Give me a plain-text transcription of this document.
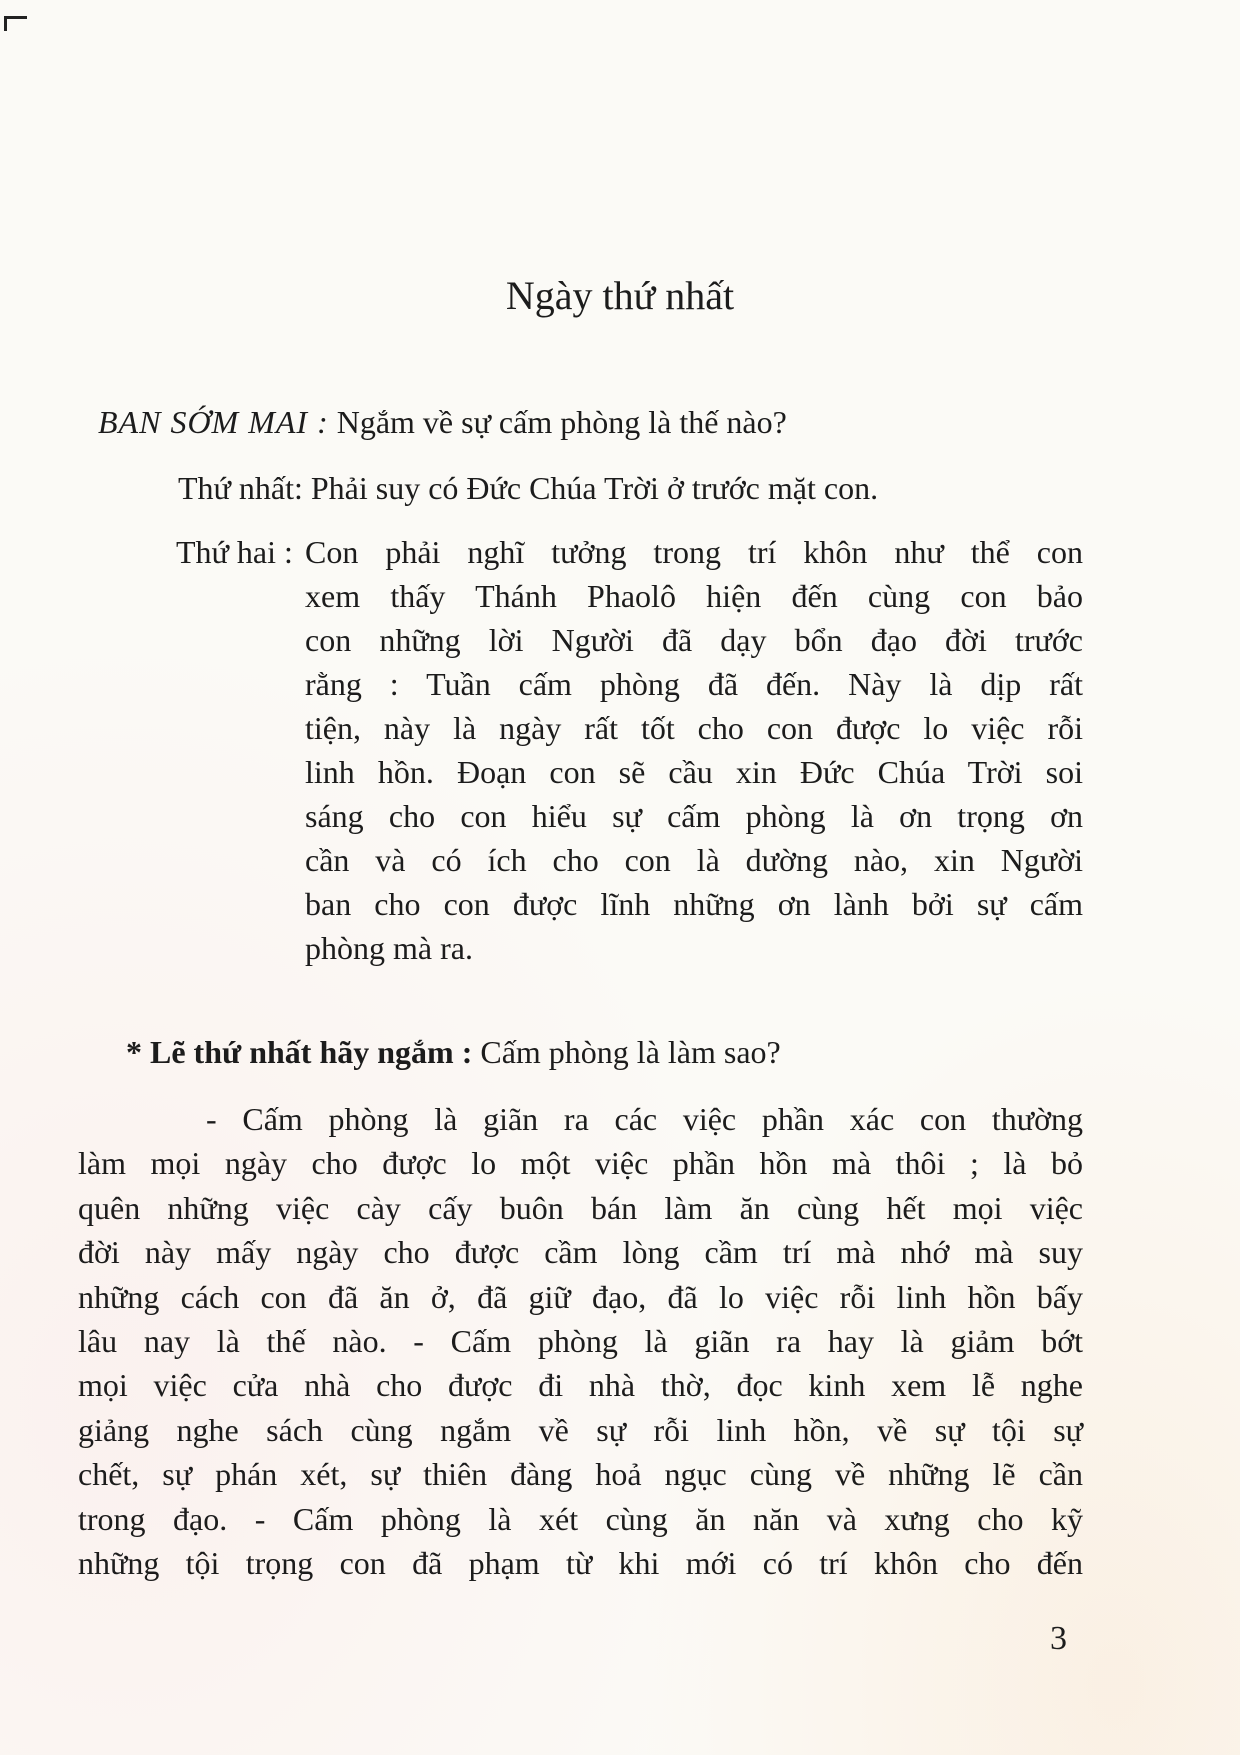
Ngày thứ nhất
BAN SỚM MAI : Ngắm về sự cấm phòng là thế nào?
Thứ nhất: Phải suy có Đức Chúa Trời ở trước mặt con.
Thứ hai : Con phải nghĩ tưởng trong trí khôn như thể con
xem thấy Thánh Phaolô hiện đến cùng con bảo
con những lời Người đã dạy bổn đạo đời trước
rằng : Tuần cấm phòng đã đến. Này là dịp rất
tiện, này là ngày rất tốt cho con được lo việc rỗi
linh hồn. Đoạn con sẽ cầu xin Đức Chúa Trời soi
sáng cho con hiểu sự cấm phòng là ơn trọng ơn
cần và có ích cho con là dường nào, xin Người
ban cho con được lĩnh những ơn lành bởi sự cấm
phòng mà ra.
* Lẽ thứ nhất hãy ngắm : Cấm phòng là làm sao?
- Cấm phòng là giãn ra các việc phần xác con thường
làm mọi ngày cho được lo một việc phần hồn mà thôi ; là bỏ
quên những việc cày cấy buôn bán làm ăn cùng hết mọi việc
đời này mấy ngày cho được cầm lòng cầm trí mà nhớ mà suy
những cách con đã ăn ở, đã giữ đạo, đã lo việc rỗi linh hồn bấy
lâu nay là thế nào. - Cấm phòng là giãn ra hay là giảm bớt
mọi việc cửa nhà cho được đi nhà thờ, đọc kinh xem lễ nghe
giảng nghe sách cùng ngắm về sự rỗi linh hồn, về sự tội sự
chết, sự phán xét, sự thiên đàng hoả ngục cùng về những lẽ cần
trong đạo. - Cấm phòng là xét cùng ăn năn và xưng cho kỹ
những tội trọng con đã phạm từ khi mới có trí khôn cho đến
3
